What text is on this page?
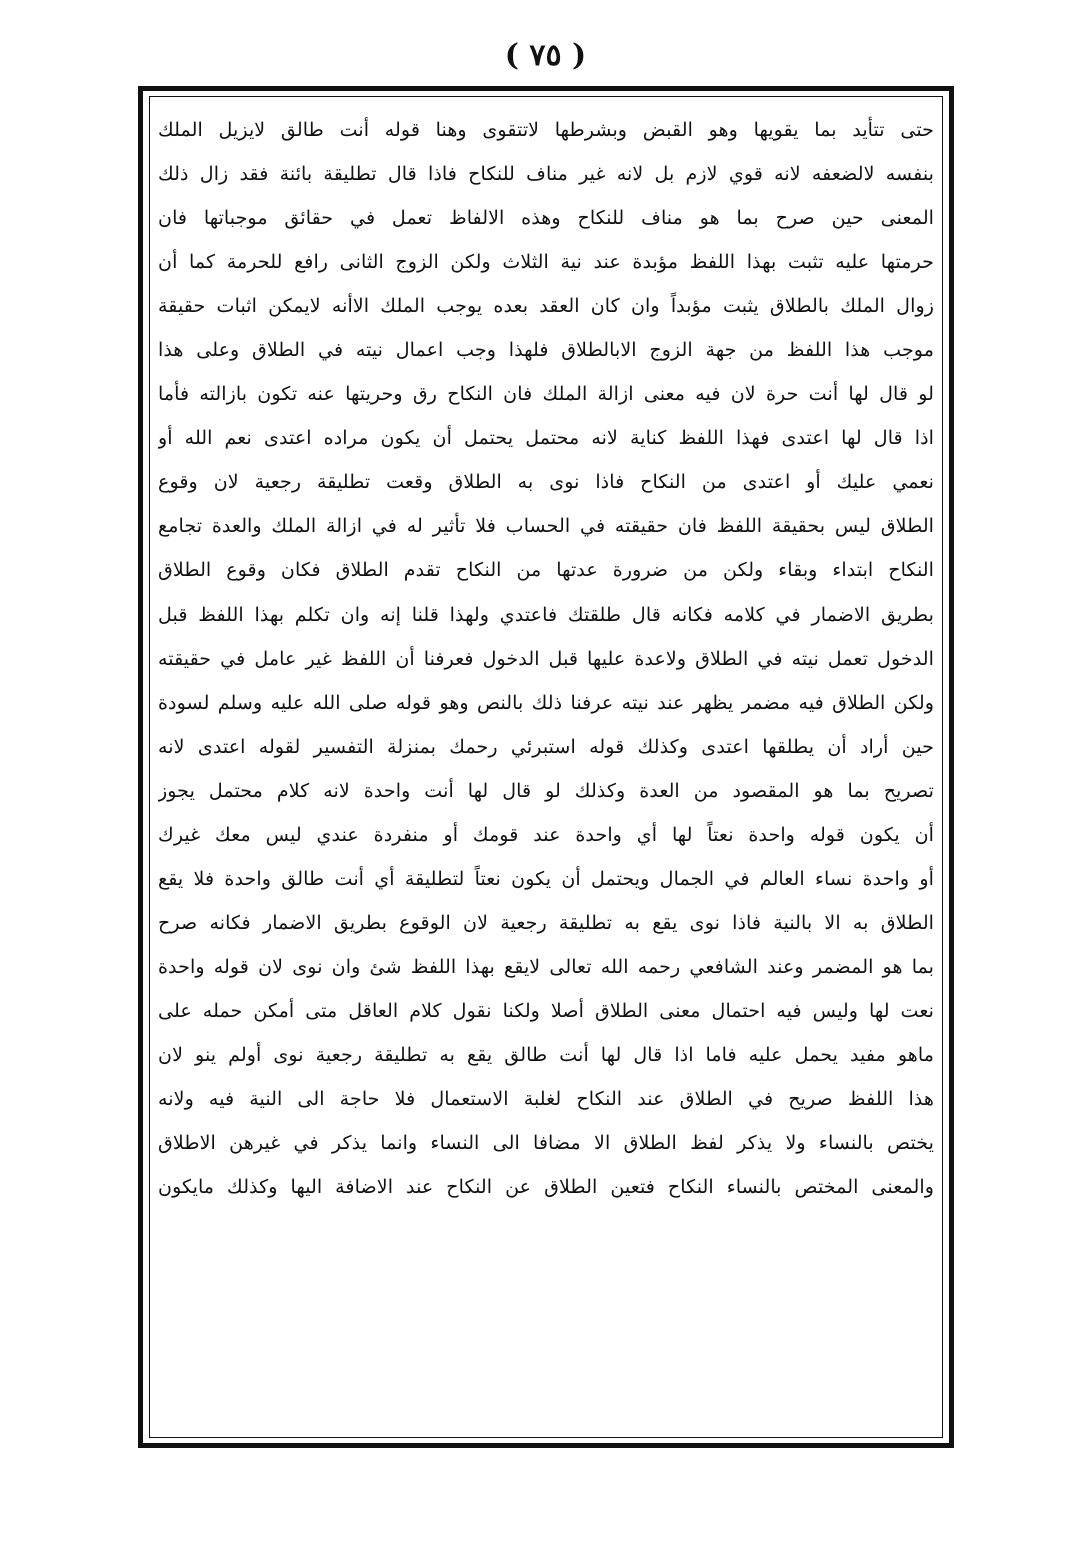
( ٧٥ )
حتى تتأيد بما يقويها وهو القبض وبشرطها لاتتقوى وهنا قوله أنت طالق لايزيل الملك
بنفسه لالضعفه لانه قوي لازم بل لانه غير مناف للنكاح فاذا قال تطليقة بائنة فقد زال ذلك
المعنى حين صرح بما هو مناف للنكاح وهذه الالفاظ تعمل في حقائق موجباتها فان
حرمتها عليه تثبت بهذا اللفظ مؤبدة عند نية الثلاث ولكن الزوج الثانى رافع للحرمة كما أن
زوال الملك بالطلاق يثبت مؤبداً وان كان العقد بعده يوجب الملك الاأنه لايمكن اثبات حقيقة
موجب هذا اللفظ من جهة الزوج الابالطلاق فلهذا وجب اعمال نيته في الطلاق وعلى هذا
لو قال لها أنت حرة لان فيه معنى ازالة الملك فان النكاح رق وحريتها عنه تكون بازالته فأما
اذا قال لها اعتدى فهذا اللفظ كناية لانه محتمل يحتمل أن يكون مراده اعتدى نعم الله أو
نعمي عليك أو اعتدى من النكاح فاذا نوى به الطلاق وقعت تطليقة رجعية لان وقوع
الطلاق ليس بحقيقة اللفظ فان حقيقته في الحساب فلا تأثير له في ازالة الملك والعدة تجامع
النكاح ابتداء وبقاء ولكن من ضرورة عدتها من النكاح تقدم الطلاق فكان وقوع الطلاق
بطريق الاضمار في كلامه فكانه قال طلقتك فاعتدي ولهذا قلنا إنه وان تكلم بهذا اللفظ قبل
الدخول تعمل نيته في الطلاق ولاعدة عليها قبل الدخول فعرفنا أن اللفظ غير عامل في حقيقته
ولكن الطلاق فيه مضمر يظهر عند نيته عرفنا ذلك بالنص وهو قوله صلى الله عليه وسلم لسودة
حين أراد أن يطلقها اعتدى وكذلك قوله استبرئي رحمك بمنزلة التفسير لقوله اعتدى لانه
تصريح بما هو المقصود من العدة وكذلك لو قال لها أنت واحدة لانه كلام محتمل يجوز
أن يكون قوله واحدة نعتاً لها أي واحدة عند قومك أو منفردة عندي ليس معك غيرك
أو واحدة نساء العالم في الجمال ويحتمل أن يكون نعتاً لتطليقة أي أنت طالق واحدة فلا يقع
الطلاق به الا بالنية فاذا نوى يقع به تطليقة رجعية لان الوقوع بطريق الاضمار فكانه صرح
بما هو المضمر وعند الشافعي رحمه الله تعالى لايقع بهذا اللفظ شئ وان نوى لان قوله واحدة
نعت لها وليس فيه احتمال معنى الطلاق أصلا ولكنا نقول كلام العاقل متى أمكن حمله على
ماهو مفيد يحمل عليه فاما اذا قال لها أنت طالق يقع به تطليقة رجعية نوى أولم ينو لان
هذا اللفظ صريح في الطلاق عند النكاح لغلبة الاستعمال فلا حاجة الى النية فيه ولانه
يختص بالنساء ولا يذكر لفظ الطلاق الا مضافا الى النساء وانما يذكر في غيرهن الاطلاق
والمعنى المختص بالنساء النكاح فتعين الطلاق عن النكاح عند الاضافة اليها وكذلك مايكون
